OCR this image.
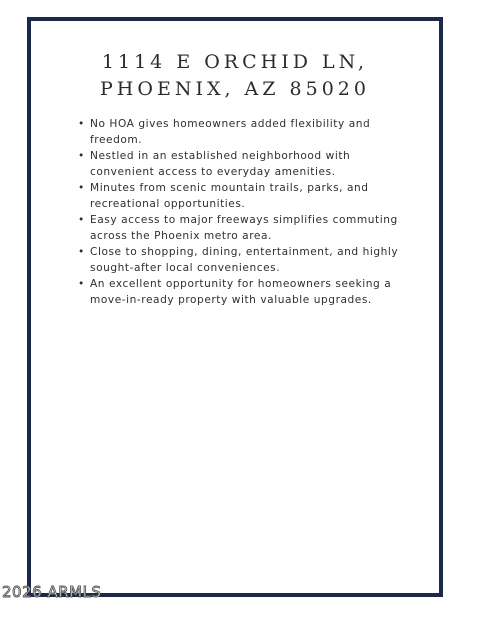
1114 E ORCHID LN,
PHOENIX, AZ 85020
• No HOA gives homeowners added flexibility and freedom.
• Nestled in an established neighborhood with convenient access to everyday amenities.
• Minutes from scenic mountain trails, parks, and recreational opportunities.
• Easy access to major freeways simplifies commuting across the Phoenix metro area.
• Close to shopping, dining, entertainment, and highly sought-after local conveniences.
• An excellent opportunity for homeowners seeking a move-in-ready property with valuable upgrades.
2026 ARMLS
